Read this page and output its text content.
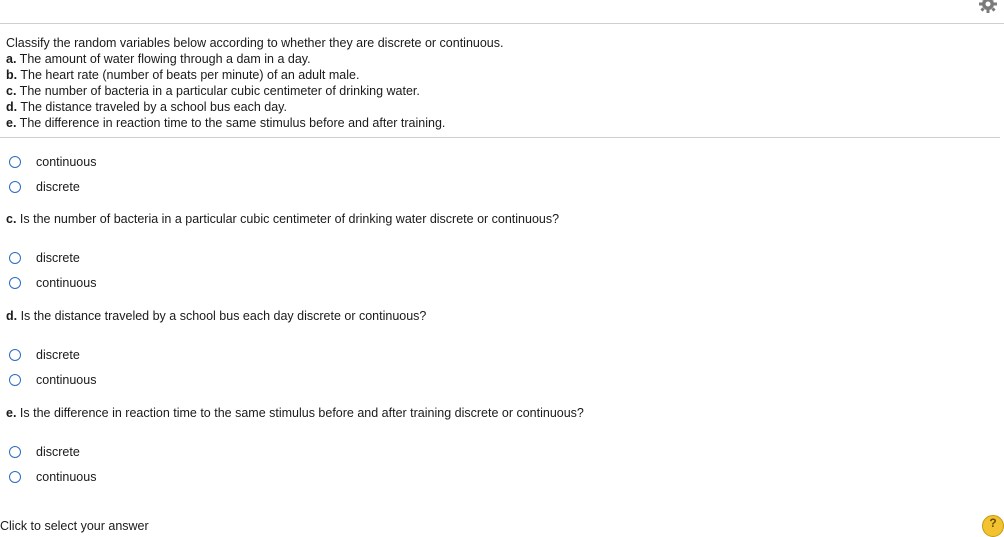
Classify the random variables below according to whether they are discrete or continuous.
a. The amount of water flowing through a dam in a day.
b. The heart rate (number of beats per minute) of an adult male.
c. The number of bacteria in a particular cubic centimeter of drinking water.
d. The distance traveled by a school bus each day.
e. The difference in reaction time to the same stimulus before and after training.
continuous
discrete
c. Is the number of bacteria in a particular cubic centimeter of drinking water discrete or continuous?
discrete
continuous
d. Is the distance traveled by a school bus each day discrete or continuous?
discrete
continuous
e. Is the difference in reaction time to the same stimulus before and after training discrete or continuous?
discrete
continuous
Click to select your answer	?
